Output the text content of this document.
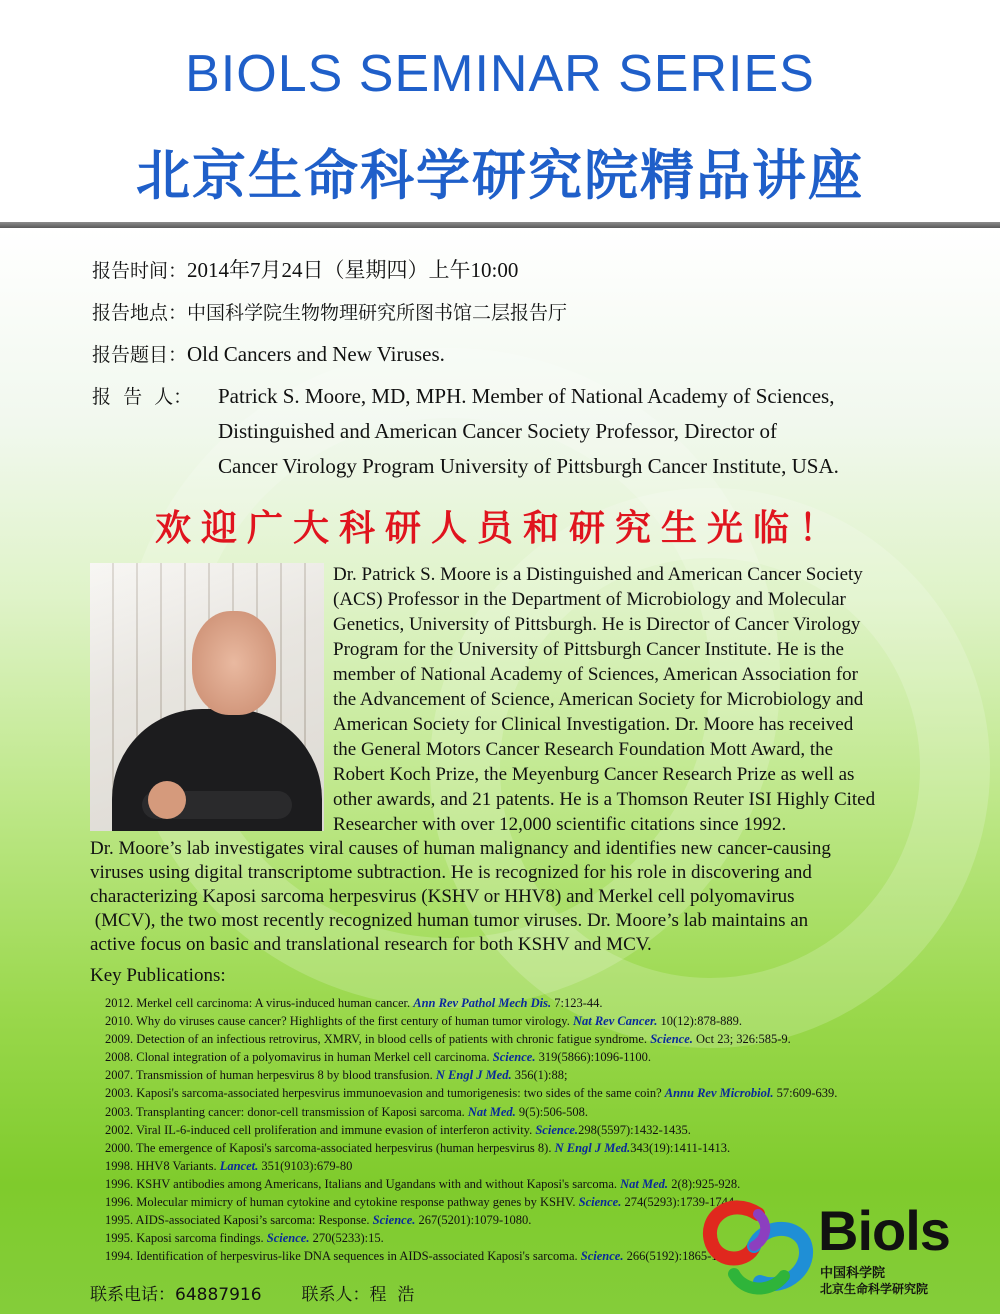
BIOLS SEMINAR SERIES
北京生命科学研究院精品讲座
报告时间：2014年7月24日（星期四）上午10:00
报告地点：中国科学院生物物理研究所图书馆二层报告厅
报告题目：Old Cancers and New Viruses.
报  告  人： Patrick S. Moore, MD, MPH. Member of National Academy of Sciences,
Distinguished and American Cancer Society Professor, Director of
Cancer Virology Program University of Pittsburgh Cancer Institute, USA.
欢迎广大科研人员和研究生光临！
Dr. Patrick S. Moore is a Distinguished and American Cancer Society
(ACS) Professor in the Department of Microbiology and Molecular
Genetics, University of Pittsburgh. He is Director of Cancer Virology
Program for the University of Pittsburgh Cancer Institute. He is the
member of National Academy of Sciences, American Association for
the Advancement of Science, American Society for Microbiology and
American Society for Clinical Investigation. Dr. Moore has received
the General Motors Cancer Research Foundation Mott Award, the
Robert Koch Prize, the Meyenburg Cancer Research Prize as well as
other awards, and 21 patents. He is a Thomson Reuter ISI Highly Cited
Researcher with over 12,000 scientific citations since 1992.
Dr. Moore’s lab investigates viral causes of human malignancy and identifies new cancer-causing
viruses using digital transcriptome subtraction. He is recognized for his role in discovering and
characterizing Kaposi sarcoma herpesvirus (KSHV or HHV8) and Merkel cell polyomavirus
(MCV), the two most recently recognized human tumor viruses. Dr. Moore’s lab maintains an
active focus on basic and translational research for both KSHV and MCV.
Key Publications:
2012. Merkel cell carcinoma: A virus-induced human cancer. Ann Rev Pathol Mech Dis. 7:123-44.
2010. Why do viruses cause cancer? Highlights of the first century of human tumor virology. Nat Rev Cancer. 10(12):878-889.
2009. Detection of an infectious retrovirus, XMRV, in blood cells of patients with chronic fatigue syndrome. Science. Oct 23; 326:585-9.
2008. Clonal integration of a polyomavirus in human Merkel cell carcinoma. Science. 319(5866):1096-1100.
2007. Transmission of human herpesvirus 8 by blood transfusion. N Engl J Med. 356(1):88;
2003. Kaposi's sarcoma-associated herpesvirus immunoevasion and tumorigenesis: two sides of the same coin? Annu Rev Microbiol. 57:609-639.
2003. Transplanting cancer: donor-cell transmission of Kaposi sarcoma. Nat Med. 9(5):506-508.
2002. Viral IL-6-induced cell proliferation and immune evasion of interferon activity. Science.298(5597):1432-1435.
2000. The emergence of Kaposi's sarcoma-associated herpesvirus (human herpesvirus 8). N Engl J Med.343(19):1411-1413.
1998. HHV8 Variants. Lancet. 351(9103):679-80
1996. KSHV antibodies among Americans, Italians and Ugandans with and without Kaposi's sarcoma. Nat Med. 2(8):925-928.
1996. Molecular mimicry of human cytokine and cytokine response pathway genes by KSHV. Science. 274(5293):1739-1744.
1995. AIDS-associated Kaposi’s sarcoma: Response. Science. 267(5201):1079-1080.
1995. Kaposi sarcoma findings. Science. 270(5233):15.
1994. Identification of herpesvirus-like DNA sequences in AIDS-associated Kaposi's sarcoma. Science. 266(5192):1865-1869.	Biols
中国科学院
北京生命科学研究院
联系电话：64887916 联系人：程  浩
